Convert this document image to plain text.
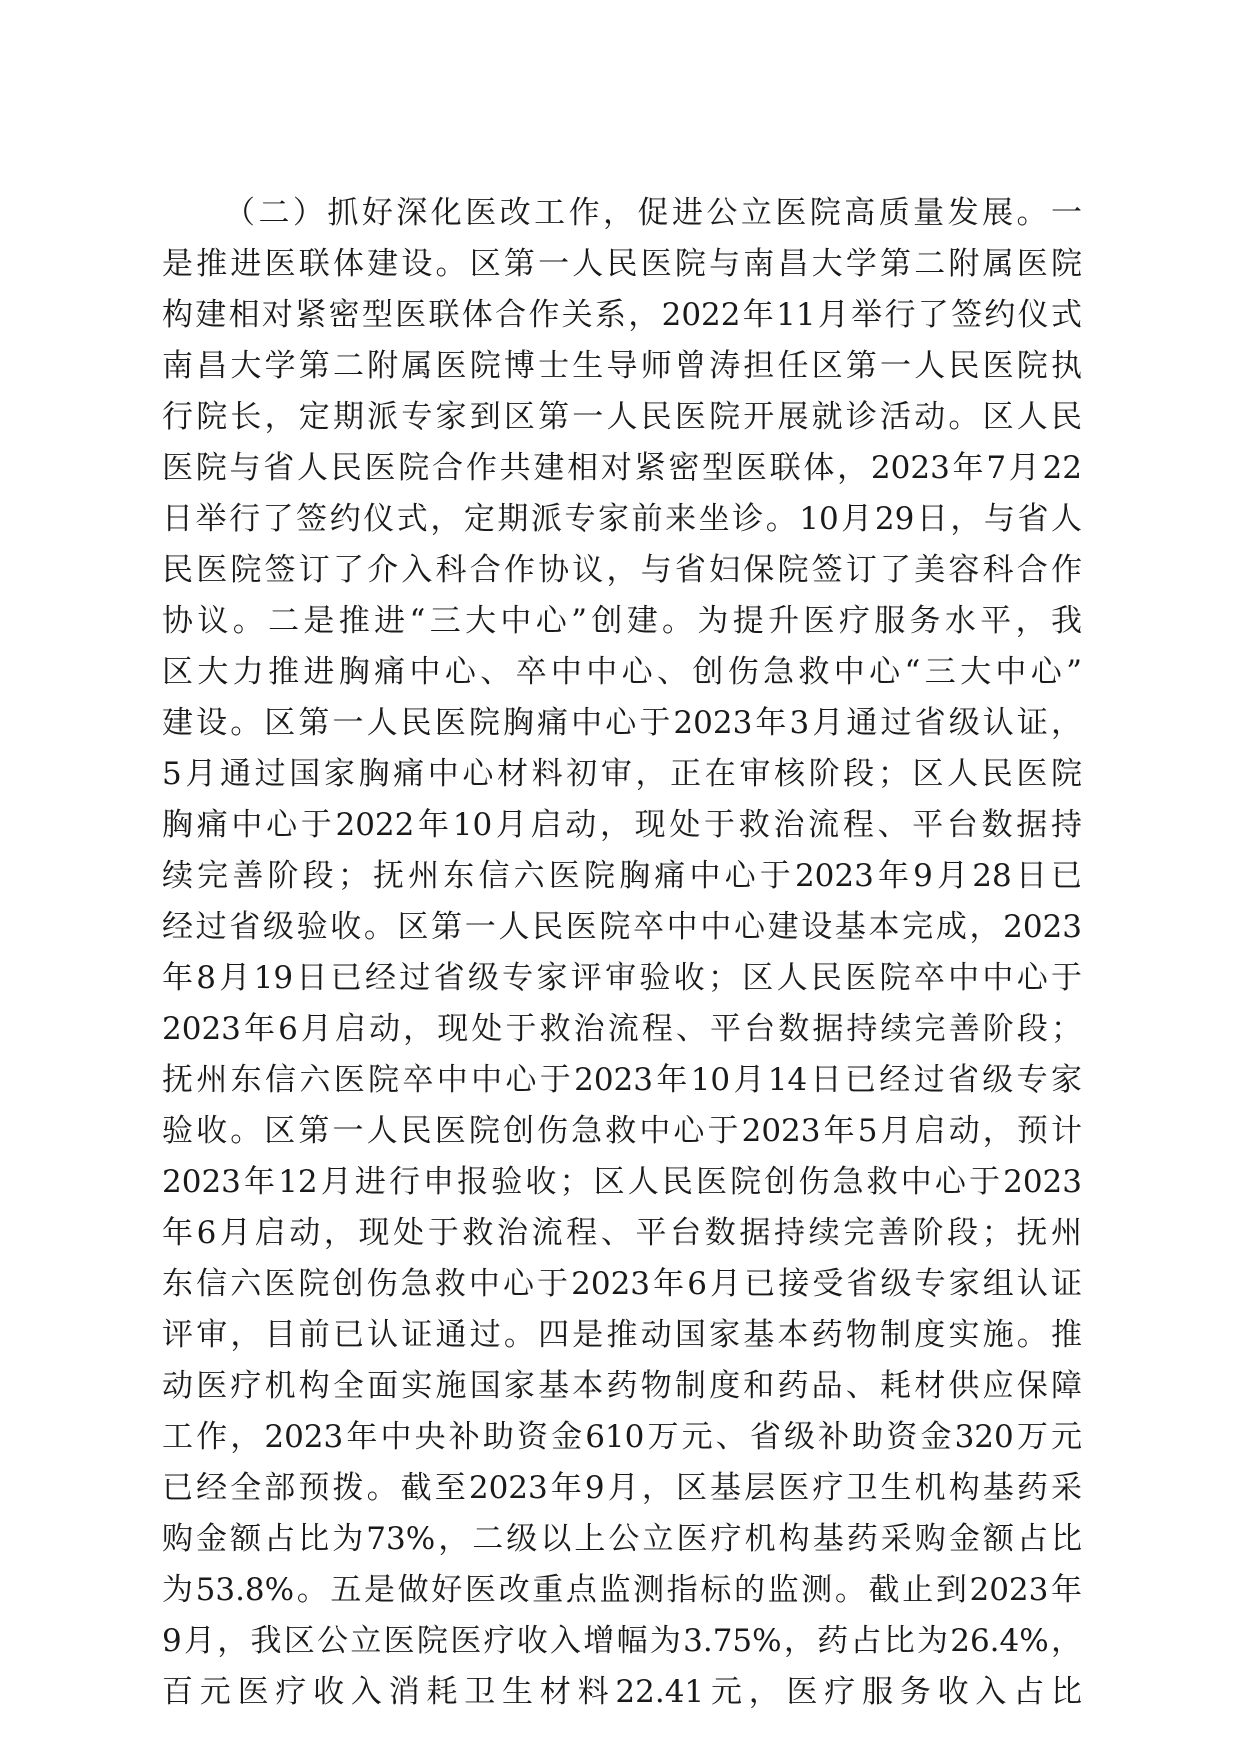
（二）抓好深化医改工作，促进公立医院高质量发展。一
是推进医联体建设。区第一人民医院与南昌大学第二附属医院
构建相对紧密型医联体合作关系，2022年11月举行了签约仪式
南昌大学第二附属医院博士生导师曾涛担任区第一人民医院执
行院长，定期派专家到区第一人民医院开展就诊活动。区人民
医院与省人民医院合作共建相对紧密型医联体，2023年7月22
日举行了签约仪式，定期派专家前来坐诊。10月29日，与省人
民医院签订了介入科合作协议，与省妇保院签订了美容科合作
协议。二是推进“三大中心”创建。为提升医疗服务水平，我
区大力推进胸痛中心、卒中中心、创伤急救中心“三大中心”
建设。区第一人民医院胸痛中心于2023年3月通过省级认证，
5月通过国家胸痛中心材料初审，正在审核阶段；区人民医院
胸痛中心于2022年10月启动，现处于救治流程、平台数据持
续完善阶段；抚州东信六医院胸痛中心于2023年9月28日已
经过省级验收。区第一人民医院卒中中心建设基本完成，2023
年8月19日已经过省级专家评审验收；区人民医院卒中中心于
2023年6月启动，现处于救治流程、平台数据持续完善阶段；
抚州东信六医院卒中中心于2023年10月14日已经过省级专家
验收。区第一人民医院创伤急救中心于2023年5月启动，预计
2023年12月进行申报验收；区人民医院创伤急救中心于2023
年6月启动，现处于救治流程、平台数据持续完善阶段；抚州
东信六医院创伤急救中心于2023年6月已接受省级专家组认证
评审，目前已认证通过。四是推动国家基本药物制度实施。推
动医疗机构全面实施国家基本药物制度和药品、耗材供应保障
工作，2023年中央补助资金610万元、省级补助资金320万元
已经全部预拨。截至2023年9月，区基层医疗卫生机构基药采
购金额占比为73%，二级以上公立医疗机构基药采购金额占比
为53.8%。五是做好医改重点监测指标的监测。截止到2023年
9月，我区公立医院医疗收入增幅为3.75%，药占比为26.4%，
百元医疗收入消耗卫生材料22.41元，医疗服务收入占比
